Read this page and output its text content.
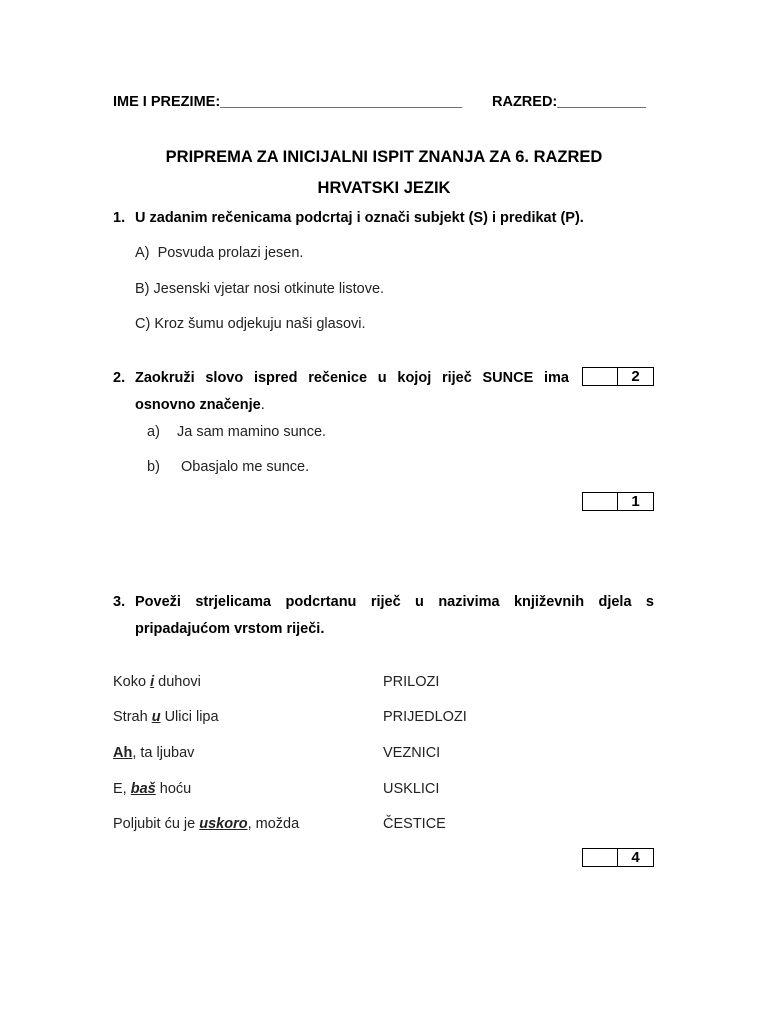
IME I PREZIME:______________________________ RAZRED:___________
PRIPREMA ZA INICIJALNI ISPIT ZNANJA ZA 6. RAZRED
HRVATSKI JEZIK
1. U zadanim rečenicama podcrtaj i označi subjekt (S) i predikat (P).
A) Posvuda prolazi jesen.
B) Jesenski vjetar nosi otkinute listove.
C) Kroz šumu odjekuju naši glasovi.
2
2. Zaokruži slovo ispred rečenice u kojoj riječ SUNCE ima
osnovno značenje.
a) Ja sam mamino sunce.
b) Obasjalo me sunce.
1
3. Poveži strjelicama podcrtanu riječ u nazivima književnih djela s
pripadajućom vrstom riječi.
Koko i duhovi
Strah u Ulici lipa
Ah, ta ljubav
E, baš hoću
Poljubit ću je uskoro, možda
PRILOZI
PRIJEDLOZI
VEZNICI
USKLICI
ČESTICE
4
